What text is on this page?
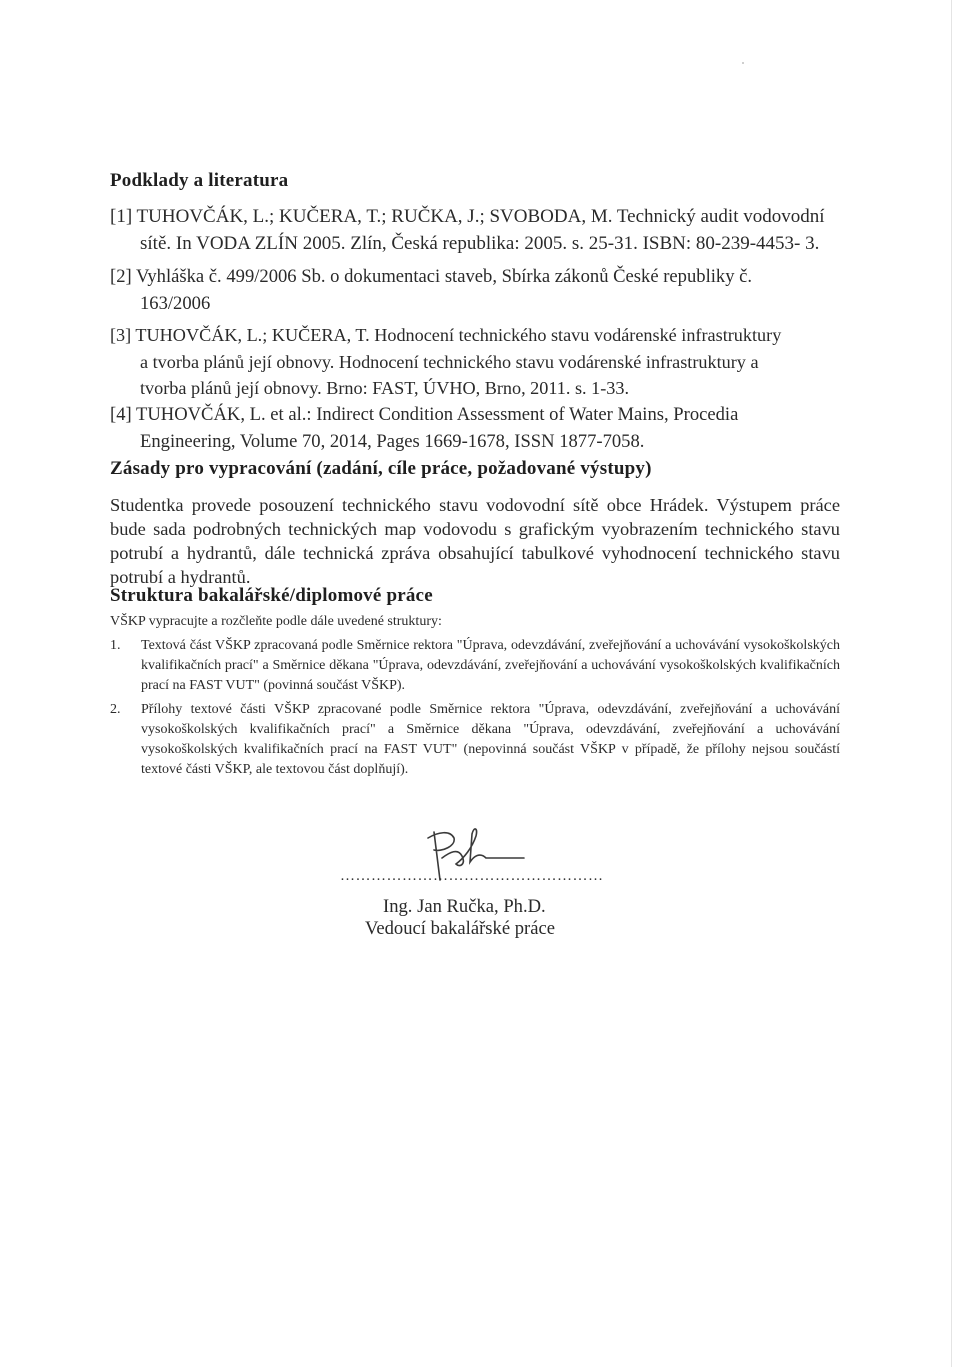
Podklady a literatura
[1] TUHOVČÁK, L.; KUČERA, T.; RUČKA, J.; SVOBODA, M. Technický audit vodovodní
sítě. In VODA ZLÍN 2005. Zlín, Česká republika: 2005. s. 25-31. ISBN: 80-239-4453- 3.
[2] Vyhláška č. 499/2006 Sb. o dokumentaci staveb, Sbírka zákonů České republiky č.
163/2006
[3] TUHOVČÁK, L.; KUČERA, T. Hodnocení technického stavu vodárenské infrastruktury
a tvorba plánů její obnovy. Hodnocení technického stavu vodárenské infrastruktury a
tvorba plánů její obnovy. Brno: FAST, ÚVHO, Brno, 2011. s. 1-33.
[4] TUHOVČÁK, L. et al.: Indirect Condition Assessment of Water Mains, Procedia
Engineering, Volume 70, 2014, Pages 1669-1678, ISSN 1877-7058.
Zásady pro vypracování (zadání, cíle práce, požadované výstupy)
Studentka provede posouzení technického stavu vodovodní sítě obce Hrádek. Výstupem práce bude sada podrobných technických map vodovodu s grafickým vyobrazením technického stavu potrubí a hydrantů, dále technická zpráva obsahující tabulkové vyhodnocení technického stavu potrubí a hydrantů.
Struktura bakalářské/diplomové práce
VŠKP vypracujte a rozčleňte podle dále uvedené struktury:
1. Textová část VŠKP zpracovaná podle Směrnice rektora "Úprava, odevzdávání, zveřejňování a uchovávání vysokoškolských kvalifikačních prací" a Směrnice děkana "Úprava, odevzdávání, zveřejňování a uchovávání vysokoškolských kvalifikačních prací na FAST VUT" (povinná součást VŠKP).
2. Přílohy textové části VŠKP zpracované podle Směrnice rektora "Úprava, odevzdávání, zveřejňování a uchovávání vysokoškolských kvalifikačních prací" a Směrnice děkana "Úprava, odevzdávání, zveřejňování a uchovávání vysokoškolských kvalifikačních prací na FAST VUT" (nepovinná součást VŠKP v případě, že přílohy nejsou součástí textové části VŠKP, ale textovou část doplňují).
……………………………………………
Ing. Jan Ručka, Ph.D.
Vedoucí bakalářské práce
